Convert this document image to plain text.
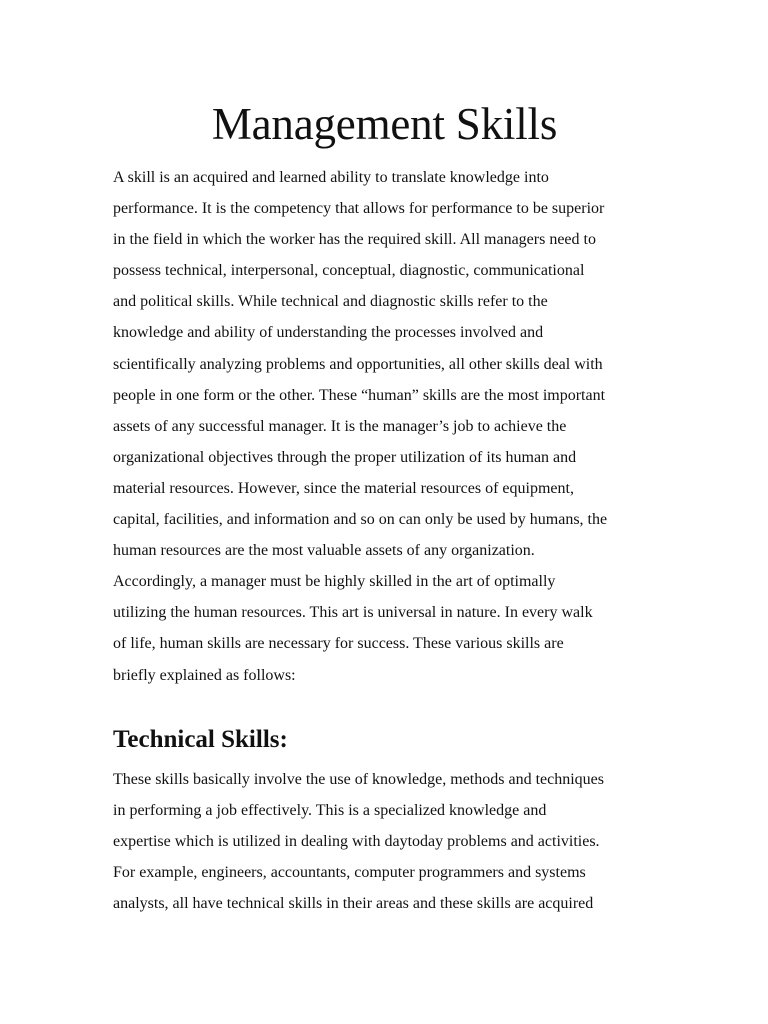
Management Skills

A skill is an acquired and learned ability to translate knowledge into
performance. It is the competency that allows for performance to be superior
in the field in which the worker has the required skill. All managers need to
possess technical, interpersonal, conceptual, diagnostic, communicational
and political skills. While technical and diagnostic skills refer to the
knowledge and ability of understanding the processes involved and
scientifically analyzing problems and opportunities, all other skills deal with
people in one form or the other. These “human” skills are the most important
assets of any successful manager. It is the manager’s job to achieve the
organizational objectives through the proper utilization of its human and
material resources. However, since the material resources of equipment,
capital, facilities, and information and so on can only be used by humans, the
human resources are the most valuable assets of any organization.
Accordingly, a manager must be highly skilled in the art of optimally
utilizing the human resources. This art is universal in nature. In every walk
of life, human skills are necessary for success. These various skills are
briefly explained as follows:

Technical Skills:

These skills basically involve the use of knowledge, methods and techniques
in performing a job effectively. This is a specialized knowledge and
expertise which is utilized in dealing with daytoday problems and activities.
For example, engineers, accountants, computer programmers and systems
analysts, all have technical skills in their areas and these skills are acquired
